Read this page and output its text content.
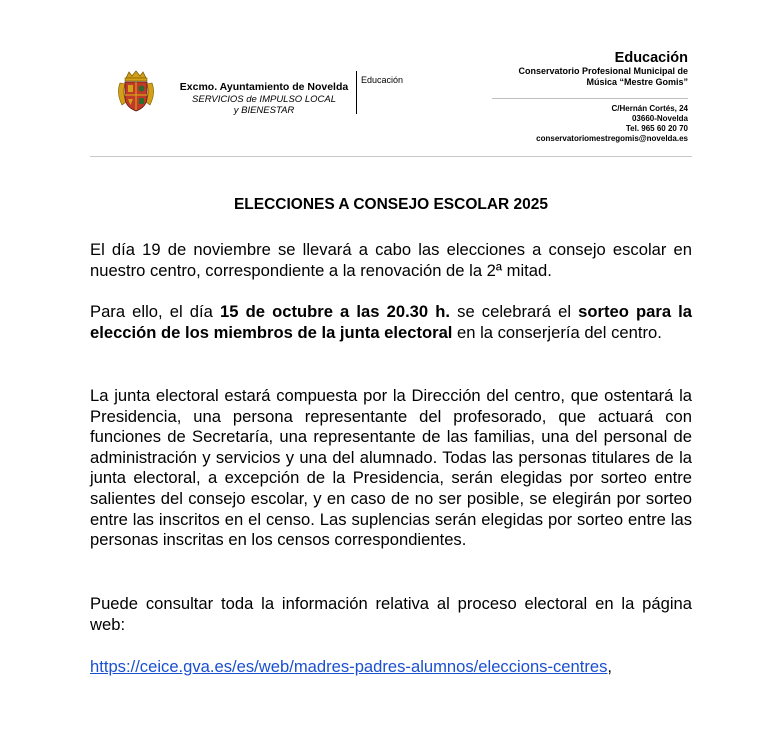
Excmo. Ayuntamiento de Novelda
SERVICIOS de IMPULSO LOCAL
y BIENESTAR
Educación
Educación
Conservatorio Profesional Municipal de
Música “Mestre Gomis”
C/Hernán Cortés, 24
03660-Novelda
Tel. 965 60 20 70
conservatoriomestregomis@novelda.es
ELECCIONES A CONSEJO ESCOLAR 2025
El día 19 de noviembre se llevará a cabo las elecciones a consejo escolar en nuestro centro, correspondiente a la renovación de la 2ª mitad.
Para ello, el día 15 de octubre a las 20.30 h. se celebrará el sorteo para la elección de los miembros de la junta electoral en la conserjería del centro.
La junta electoral estará compuesta por la Dirección del centro, que ostentará la Presidencia, una persona representante del profesorado, que actuará con funciones de Secretaría, una representante de las familias, una del personal de administración y servicios y una del alumnado. Todas las personas titulares de la junta electoral, a excepción de la Presidencia, serán elegidas por sorteo entre salientes del consejo escolar, y en caso de no ser posible, se elegirán por sorteo entre las inscritos en el censo. Las suplencias serán elegidas por sorteo entre las personas inscritas en los censos correspondientes.
Puede consultar toda la información relativa al proceso electoral en la página web:
https://ceice.gva.es/es/web/madres-padres-alumnos/eleccions-centres,
